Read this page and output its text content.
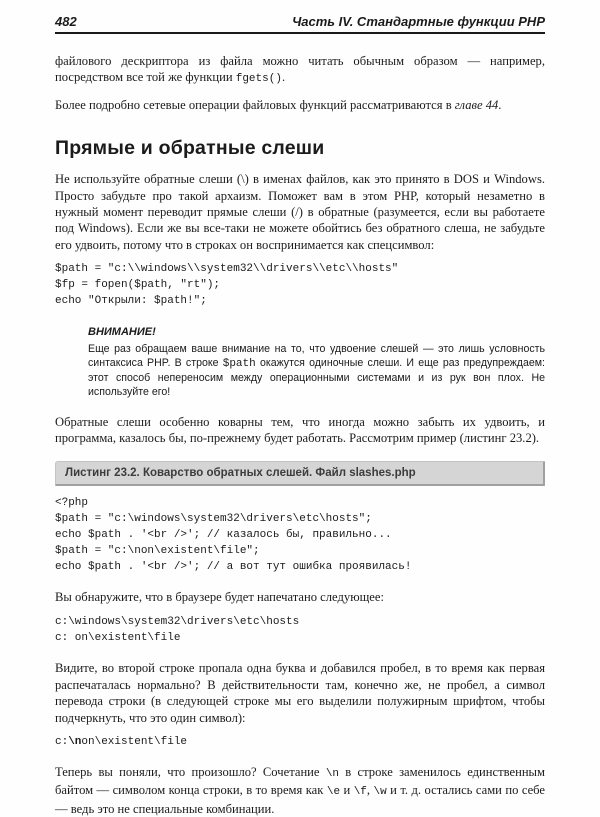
482	Часть IV. Стандартные функции PHP

файлового дескриптора из файла можно читать обычным образом — например, посредством все той же функции fgets().

Более подробно сетевые операции файловых функций рассматриваются в главе 44.

Прямые и обратные слеши

Не используйте обратные слеши (\) в именах файлов, как это принято в DOS и Windows. Просто забудьте про такой архаизм. Поможет вам в этом PHP, который незаметно в нужный момент переводит прямые слеши (/) в обратные (разумеется, если вы работаете под Windows). Если же вы все-таки не можете обойтись без обратного слеша, не забудьте его удвоить, потому что в строках он воспринимается как спецсимвол:

$path = "c:\\windows\\system32\\drivers\\etc\\hosts"
$fp = fopen($path, "rt");
echo "Открыли: $path!";
ВНИМАНИЕ!
Еще раз обращаем ваше внимание на то, что удвоение слешей — это лишь условность синтаксиса PHP. В строке $path окажутся одиночные слеши. И еще раз предупреждаем: этот способ непереносим между операционными системами и из рук вон плох. Не используйте его!

Обратные слеши особенно коварны тем, что иногда можно забыть их удвоить, и программа, казалось бы, по-прежнему будет работать. Рассмотрим пример (листинг 23.2).

Листинг 23.2. Коварство обратных слешей. Файл slashes.php
<?php
$path = "c:\windows\system32\drivers\etc\hosts";
echo $path . '<br />'; // казалось бы, правильно...
$path = "c:\non\existent\file";
echo $path . '<br />'; // а вот тут ошибка проявилась!

Вы обнаружите, что в браузере будет напечатано следующее:

c:\windows\system32\drivers\etc\hosts
c: on\existent\file

Видите, во второй строке пропала одна буква и добавился пробел, в то время как первая распечаталась нормально? В действительности там, конечно же, не пробел, а символ перевода строки (в следующей строке мы его выделили полужирным шрифтом, чтобы подчеркнуть, что это один символ):

c:\non\existent\file

Теперь вы поняли, что произошло? Сочетание \n в строке заменилось единственным байтом — символом конца строки, в то время как \e и \f, \w и т. д. остались сами по себе — ведь это не специальные комбинации.
